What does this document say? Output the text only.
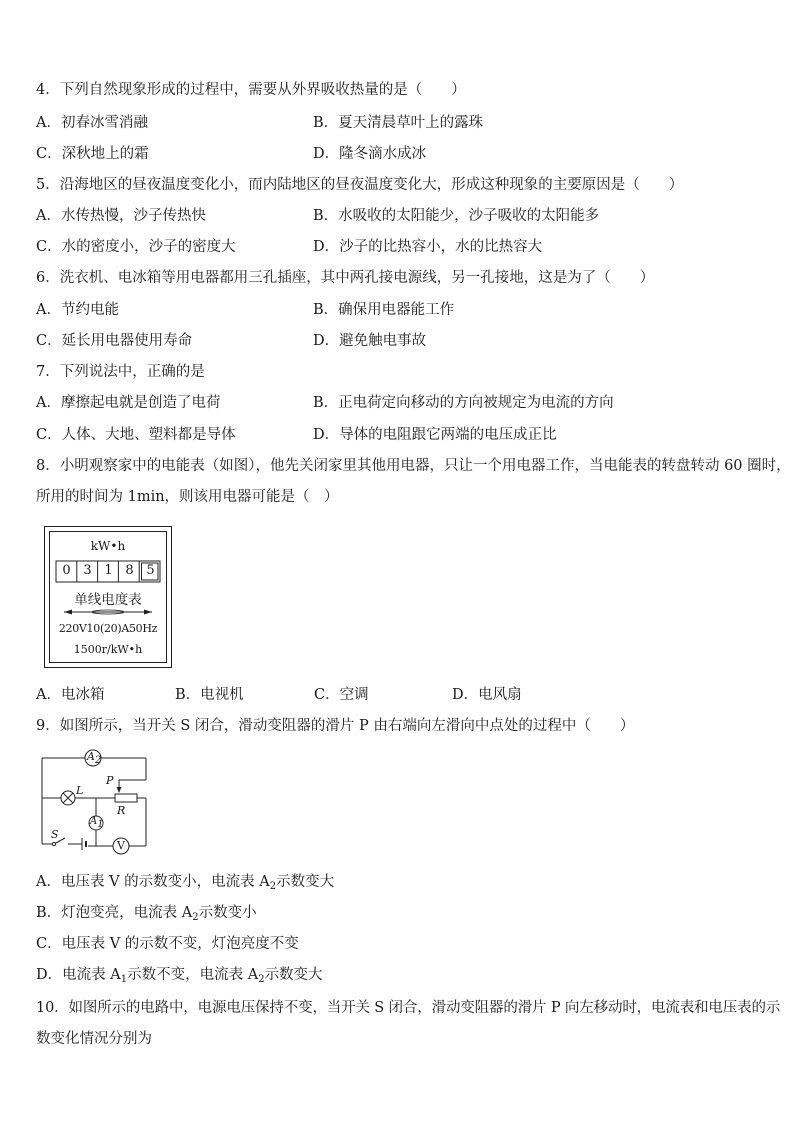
4．下列自然现象形成的过程中，需要从外界吸收热量的是（　　）
A．初春冰雪消融	B．夏天清晨草叶上的露珠
C．深秋地上的霜	D．隆冬滴水成冰
5．沿海地区的昼夜温度变化小，而内陆地区的昼夜温度变化大，形成这种现象的主要原因是（　　）
A．水传热慢，沙子传热快	B．水吸收的太阳能少，沙子吸收的太阳能多
C．水的密度小，沙子的密度大	D．沙子的比热容小，水的比热容大
6．洗衣机、电冰箱等用电器都用三孔插座，其中两孔接电源线，另一孔接地，这是为了（　　）
A．节约电能	B．确保用电器能工作
C．延长用电器使用寿命	D．避免触电事故
7．下列说法中，正确的是
A．摩擦起电就是创造了电荷	B．正电荷定向移动的方向被规定为电流的方向
C．人体、大地、塑料都是导体	D．导体的电阻跟它两端的电压成正比
8．小明观察家中的电能表（如图），他先关闭家里其他用电器，只让一个用电器工作，当电能表的转盘转动 60 圈时，
所用的时间为 1min，则该用电器可能是（　）
kW•h
0 3 1 8 5
单线电度表
220V10(20)A50Hz
1500r/kW•h
A．电冰箱	B．电视机	C．空调	D．电风扇
9．如图所示，当开关 S 闭合，滑动变阻器的滑片 P 由右端向左滑向中点处的过程中（　　）
$A_2$
$A_1$
V
L
P
R
S
A．电压表 V 的示数变小，电流表 $A_2$示数变大
B．灯泡变亮，电流表 $A_2$示数变小
C．电压表 V 的示数不变，灯泡亮度不变
D．电流表 $A_1$示数不变，电流表 $A_2$示数变大
10．如图所示的电路中，电源电压保持不变，当开关 S 闭合，滑动变阻器的滑片 P 向左移动时，电流表和电压表的示
数变化情况分别为
